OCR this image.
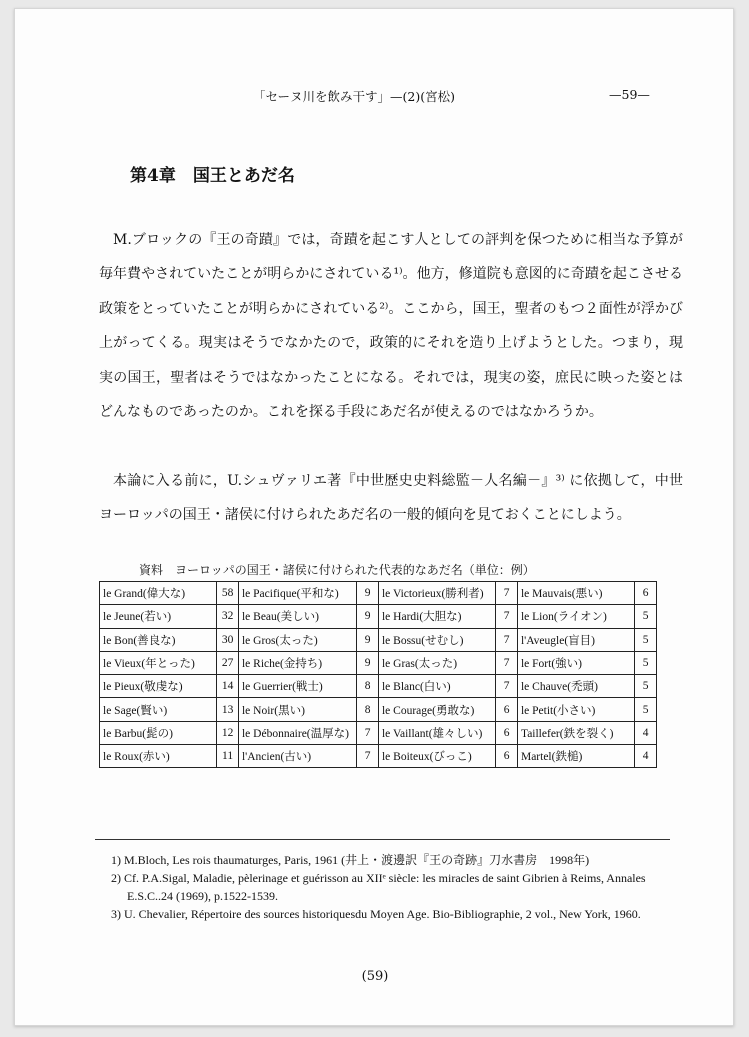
「セーヌ川を飲み干す」—(2)(宮松)	—59—
第4章　国王とあだ名

M.ブロックの『王の奇蹟』では，奇蹟を起こす人としての評判を保つために相当な予算が毎年費やされていたことが明らかにされている¹⁾。他方，修道院も意図的に奇蹟を起こさせる政策をとっていたことが明らかにされている²⁾。ここから，国王，聖者のもつ２面性が浮かび上がってくる。現実はそうでなかたので，政策的にそれを造り上げようとした。つまり，現実の国王，聖者はそうではなかったことになる。それでは，現実の姿，庶民に映った姿とはどんなものであったのか。これを探る手段にあだ名が使えるのではなかろうか。

本論に入る前に，U.シュヴァリエ著『中世歴史史料総監－人名編－』³⁾ に依拠して，中世ヨーロッパの国王・諸侯に付けられたあだ名の一般的傾向を見ておくことにしよう。

資料　ヨーロッパの国王・諸侯に付けられた代表的なあだ名（単位：例）
le Grand(偉大な)	58	le Pacifique(平和な)	9	le Victorieux(勝利者)	7	le Mauvais(悪い)	6
le Jeune(若い)	32	le Beau(美しい)	9	le Hardi(大胆な)	7	le Lion(ライオン)	5
le Bon(善良な)	30	le Gros(太った)	9	le Bossu(せむし)	7	l'Aveugle(盲目)	5
le Vieux(年とった)	27	le Riche(金持ち)	9	le Gras(太った)	7	le Fort(強い)	5
le Pieux(敬虔な)	14	le Guerrier(戦士)	8	le Blanc(白い)	7	le Chauve(禿頭)	5
le Sage(賢い)	13	le Noir(黒い)	8	le Courage(勇敢な)	6	le Petit(小さい)	5
le Barbu(髭の)	12	le Débonnaire(温厚な)	7	le Vaillant(雄々しい)	6	Taillefer(鉄を裂く)	4
le Roux(赤い)	11	l'Ancien(古い)	7	le Boiteux(びっこ)	6	Martel(鉄槌)	4
1) M.Bloch, Les rois thaumaturges, Paris, 1961 (井上・渡邊訳『王の奇跡』刀水書房　1998年)
2) Cf. P.A.Sigal, Maladie, pèlerinage et guérisson au XIIᵉ siècle: les miracles de saint Gibrien à Reims, Annales E.S.C..24 (1969), p.1522-1539.
3) U. Chevalier, Répertoire des sources historiquesdu Moyen Age. Bio-Bibliographie, 2 vol., New York, 1960.
(59)
